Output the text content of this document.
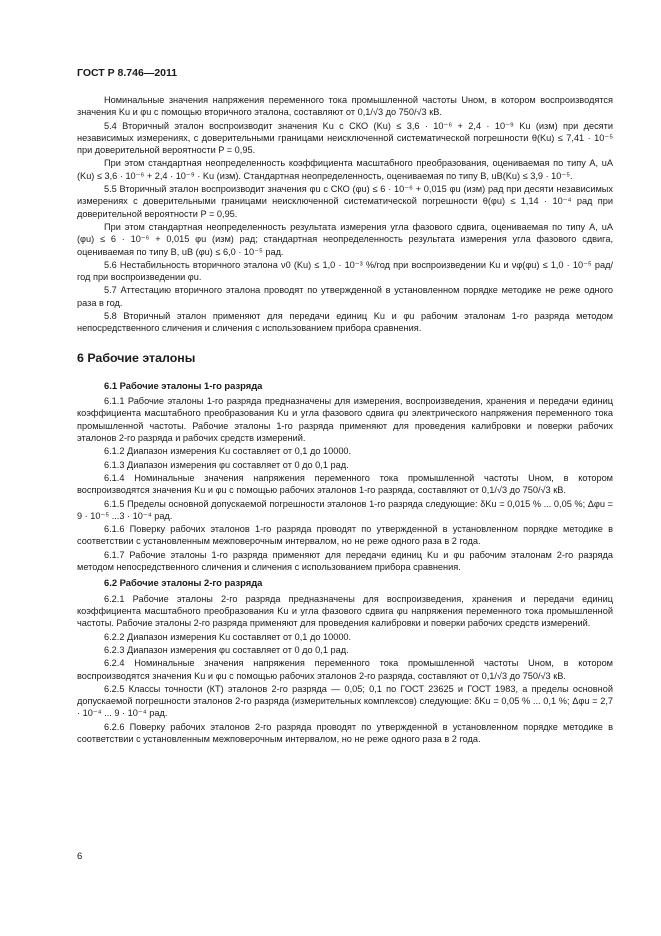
ГОСТ Р 8.746—2011

Номинальные значения напряжения переменного тока промышленной частоты Uном, в котором воспроизводятся значения Ku и φu с помощью вторичного эталона, составляют от 0,1/√3 до 750/√3 кВ.

5.4 Вторичный эталон воспроизводит значения Ku с СКО (Ku) ≤ 3,6 · 10⁻⁶ + 2,4 · 10⁻⁹ Ku (изм) при десяти независимых измерениях, с доверительными границами неисключенной систематической погрешности θ(Ku) ≤ 7,41 · 10⁻⁵ при доверительной вероятности P = 0,95.

При этом стандартная неопределенность коэффициента масштабного преобразования, оцениваемая по типу А, uA (Ku) ≤ 3,6 · 10⁻⁶ + 2,4 · 10⁻⁹ · Ku (изм). Стандартная неопределенность, оцениваемая по типу В, uB(Ku) ≤ 3,9 · 10⁻⁵.

5.5 Вторичный эталон воспроизводит значения φu с СКО (φu) ≤ 6 · 10⁻⁶ + 0,015 φu (изм) рад при десяти независимых измерениях с доверительными границами неисключенной систематической погрешности θ(φu) ≤ 1,14 · 10⁻⁴ рад при доверительной вероятности P = 0,95.

При этом стандартная неопределенность результата измерения угла фазового сдвига, оцениваемая по типу А, uA (φu) ≤ 6 · 10⁻⁶ + 0,015 φu (изм) рад; стандартная неопределенность результата измерения угла фазового сдвига, оцениваемая по типу В, uB (φu) ≤ 6,0 · 10⁻⁵ рад.

5.6 Нестабильность вторичного эталона ν0 (Ku) ≤ 1,0 · 10⁻³ %/год при воспроизведении Ku и νφ(φu) ≤ 1,0 · 10⁻⁵ рад/год при воспроизведении φu.

5.7 Аттестацию вторичного эталона проводят по утвержденной в установленном порядке методике не реже одного раза в год.

5.8 Вторичный эталон применяют для передачи единиц Ku и φu рабочим эталонам 1-го разряда методом непосредственного сличения и сличения с использованием прибора сравнения.

6 Рабочие эталоны
6.1 Рабочие эталоны 1-го разряда

6.1.1 Рабочие эталоны 1-го разряда предназначены для измерения, воспроизведения, хранения и передачи единиц коэффициента масштабного преобразования Ku и угла фазового сдвига φu электрического напряжения переменного тока промышленной частоты. Рабочие эталоны 1-го разряда применяют для проведения калибровки и поверки рабочих эталонов 2-го разряда и рабочих средств измерений.

6.1.2 Диапазон измерения Ku составляет от 0,1 до 10000.

6.1.3 Диапазон измерения φu составляет от 0 до 0,1 рад.

6.1.4 Номинальные значения напряжения переменного тока промышленной частоты Uном, в котором воспроизводятся значения Ku и φu с помощью рабочих эталонов 1-го разряда, составляют от 0,1/√3 до 750/√3 кВ.

6.1.5 Пределы основной допускаемой погрешности эталонов 1-го разряда следующие: δKu = 0,015 % ... 0,05 %; Δφu = 9 · 10⁻⁵ ...3 · 10⁻⁴ рад.

6.1.6 Поверку рабочих эталонов 1-го разряда проводят по утвержденной в установленном порядке методике в соответствии с установленным межповерочным интервалом, но не реже одного раза в 2 года.

6.1.7 Рабочие эталоны 1-го разряда применяют для передачи единиц Ku и φu рабочим эталонам 2-го разряда методом непосредственного сличения и сличения с использованием прибора сравнения.

6.2 Рабочие эталоны 2-го разряда

6.2.1 Рабочие эталоны 2-го разряда предназначены для воспроизведения, хранения и передачи единиц коэффициента масштабного преобразования Ku и угла фазового сдвига φu напряжения переменного тока промышленной частоты. Рабочие эталоны 2-го разряда применяют для проведения калибровки и поверки рабочих средств измерений.

6.2.2 Диапазон измерения Ku составляет от 0,1 до 10000.

6.2.3 Диапазон измерения φu составляет от 0 до 0,1 рад.

6.2.4 Номинальные значения напряжения переменного тока промышленной частоты Uном, в котором воспроизводятся значения Ku и φu с помощью рабочих эталонов 2-го разряда, составляют от 0,1/√3 до 750/√3 кВ.

6.2.5 Классы точности (КТ) эталонов 2-го разряда — 0,05; 0,1 по ГОСТ 23625 и ГОСТ 1983, а пределы основной допускаемой погрешности эталонов 2-го разряда (измерительных комплексов) следующие: δKu = 0,05 % ... 0,1 %; Δφu = 2,7 · 10⁻⁴ ... 9 · 10⁻⁴ рад.

6.2.6 Поверку рабочих эталонов 2-го разряда проводят по утвержденной в установленном порядке методике в соответствии с установленным межповерочным интервалом, но не реже одного раза в 2 года.

6
